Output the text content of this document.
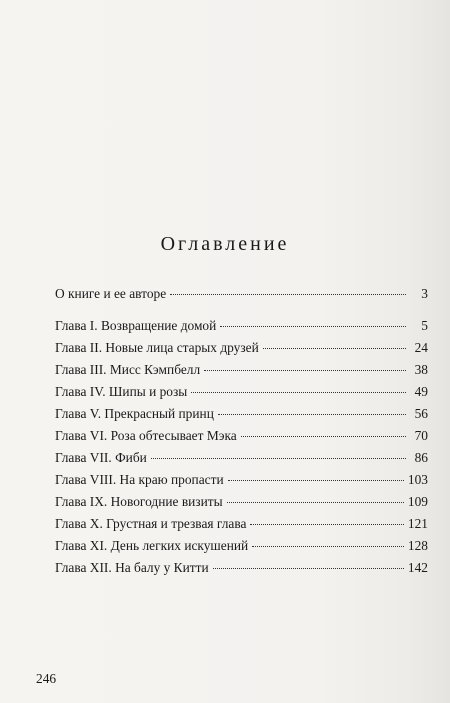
Оглавление
О книге и ее авторе	3
Глава I. Возвращение домой	5
Глава II. Новые лица старых друзей	24
Глава III. Мисс Кэмпбелл	38
Глава IV. Шипы и розы	49
Глава V. Прекрасный принц	56
Глава VI. Роза обтесывает Мэка	70
Глава VII. Фиби	86
Глава VIII. На краю пропасти	103
Глава IX. Новогодние визиты	109
Глава X. Грустная и трезвая глава	121
Глава XI. День легких искушений	128
Глава XII. На балу у Китти	142
246
